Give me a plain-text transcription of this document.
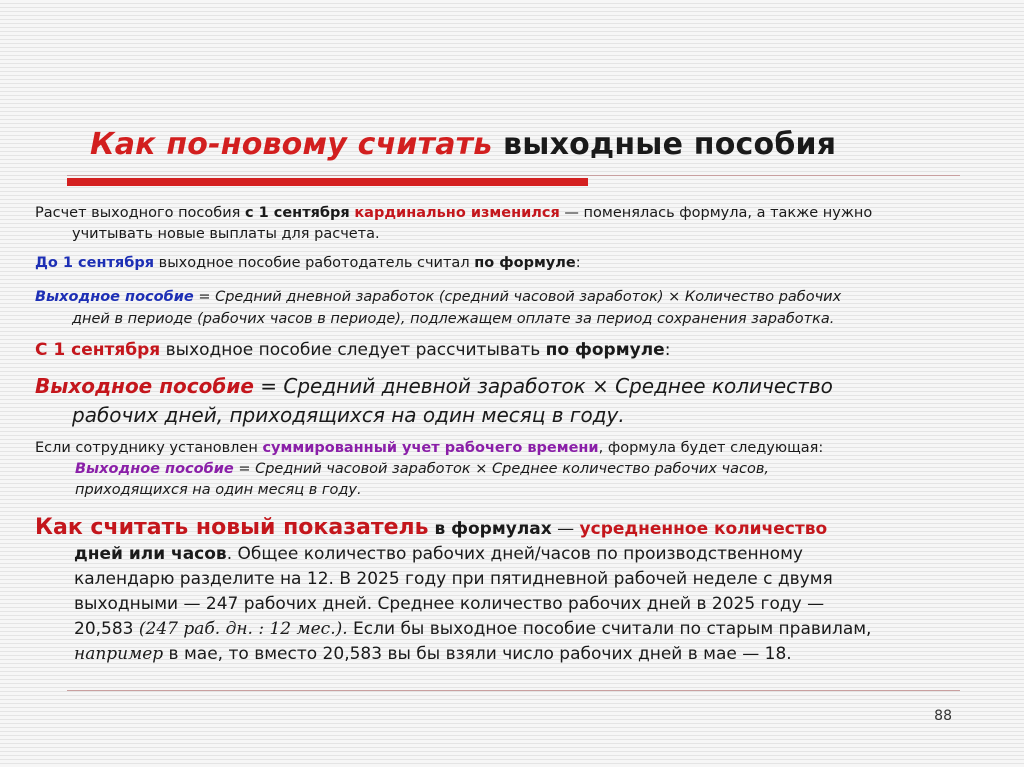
Как по-новому считать выходные пособия
Расчет выходного пособия с 1 сентября кардинально изменился — поменялась формула, а также нужно
учитывать новые выплаты для расчета.
До 1 сентября выходное пособие работодатель считал по формуле:
Выходное пособие = Средний дневной заработок (средний часовой заработок) × Количество рабочих
дней в периоде (рабочих часов в периоде), подлежащем оплате за период сохранения заработка.
С 1 сентября выходное пособие следует рассчитывать по формуле:
Выходное пособие = Средний дневной заработок × Среднее количество
рабочих дней, приходящихся на один месяц в году.
Если сотруднику установлен суммированный учет рабочего времени, формула будет следующая:
Выходное пособие = Средний часовой заработок × Среднее количество рабочих часов,
приходящихся на один месяц в году.
Как считать новый показатель в формулах — усредненное количество
дней или часов. Общее количество рабочих дней/часов по производственному
календарю разделите на 12. В 2025 году при пятидневной рабочей неделе с двумя
выходными — 247 рабочих дней. Среднее количество рабочих дней в 2025 году —
20,583 (247 раб. дн. : 12 мес.). Если бы выходное пособие считали по старым правилам,
например в мае, то вместо 20,583 вы бы взяли число рабочих дней в мае — 18.
88
